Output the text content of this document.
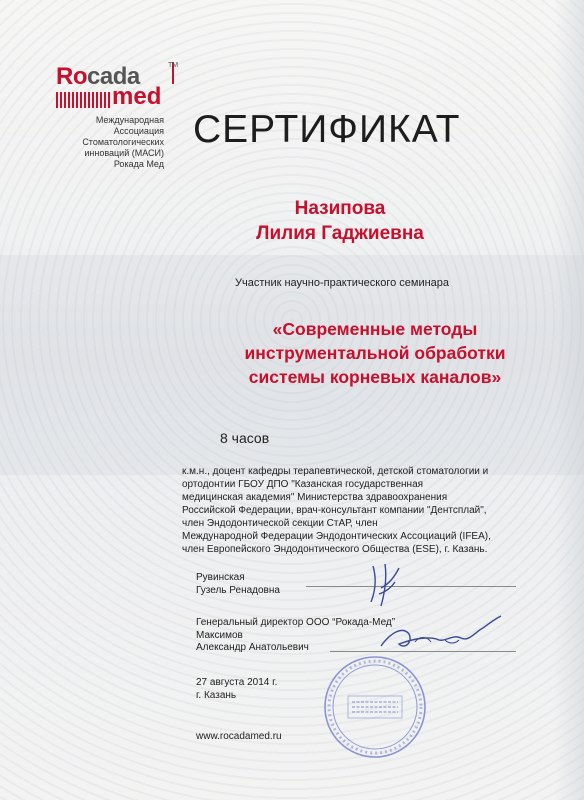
TM
Rocada
med
Международная
Ассоциация
Стоматологических
инноваций (МАСИ)
Рокада Мед
СЕРТИФИКАТ
Назипова
Лилия Гаджиевна
Участник научно-практического семинара
«Современные методы
инструментальной обработки
системы корневых каналов»
8 часов
к.м.н., доцент кафедры терапевтической, детской стоматологии и
ортодонтии ГБОУ ДПО "Казанская государственная
медицинская академия" Министерства здравоохранения
Российской Федерации, врач-консультант компании "Дентсплай",
член Эндодонтической секции СтАР, член
Международной Федерации Эндодонтических Ассоциаций (IFEA),
член Европейского Эндодонтического Общества (ESE), г. Казань.
Рувинская
Гузель Ренадовна
Генеральный директор ООО “Рокада-Мед”
Максимов
Александр Анатольевич
27 августа 2014 г.
г. Казань
www.rocadamed.ru
